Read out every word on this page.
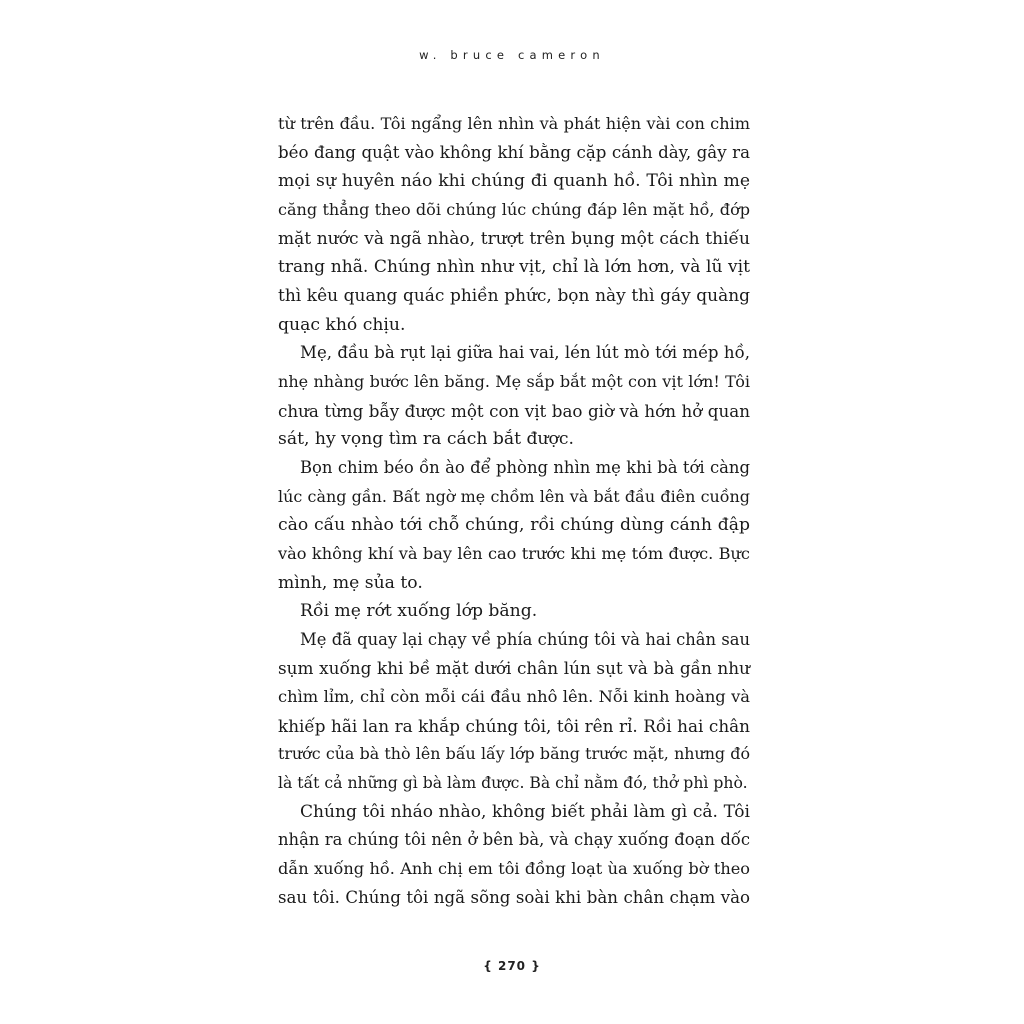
w. bruce cameron
từ trên đầu. Tôi ngẩng lên nhìn và phát hiện vài con chim
béo đang quật vào không khí bằng cặp cánh dày, gây ra
mọi sự huyên náo khi chúng đi quanh hồ. Tôi nhìn mẹ
căng thẳng theo dõi chúng lúc chúng đáp lên mặt hồ, đớp
mặt nước và ngã nhào, trượt trên bụng một cách thiếu
trang nhã. Chúng nhìn như vịt, chỉ là lớn hơn, và lũ vịt
thì kêu quang quác phiền phức, bọn này thì gáy quàng
quạc khó chịu.
Mẹ, đầu bà rụt lại giữa hai vai, lén lút mò tới mép hồ,
nhẹ nhàng bước lên băng. Mẹ sắp bắt một con vịt lớn! Tôi
chưa từng bẫy được một con vịt bao giờ và hớn hở quan
sát, hy vọng tìm ra cách bắt được.
Bọn chim béo ồn ào để phòng nhìn mẹ khi bà tới càng
lúc càng gần. Bất ngờ mẹ chồm lên và bắt đầu điên cuồng
cào cấu nhào tới chỗ chúng, rồi chúng dùng cánh đập
vào không khí và bay lên cao trước khi mẹ tóm được. Bực
mình, mẹ sủa to.
Rồi mẹ rớt xuống lớp băng.
Mẹ đã quay lại chạy về phía chúng tôi và hai chân sau
sụm xuống khi bề mặt dưới chân lún sụt và bà gần như
chìm lỉm, chỉ còn mỗi cái đầu nhô lên. Nỗi kinh hoàng và
khiếp hãi lan ra khắp chúng tôi, tôi rên rỉ. Rồi hai chân
trước của bà thò lên bấu lấy lớp băng trước mặt, nhưng đó
là tất cả những gì bà làm được. Bà chỉ nằm đó, thở phì phò.
Chúng tôi nháo nhào, không biết phải làm gì cả. Tôi
nhận ra chúng tôi nên ở bên bà, và chạy xuống đoạn dốc
dẫn xuống hồ. Anh chị em tôi đồng loạt ùa xuống bờ theo
sau tôi. Chúng tôi ngã sõng soài khi bàn chân chạm vào
{ 270 }
